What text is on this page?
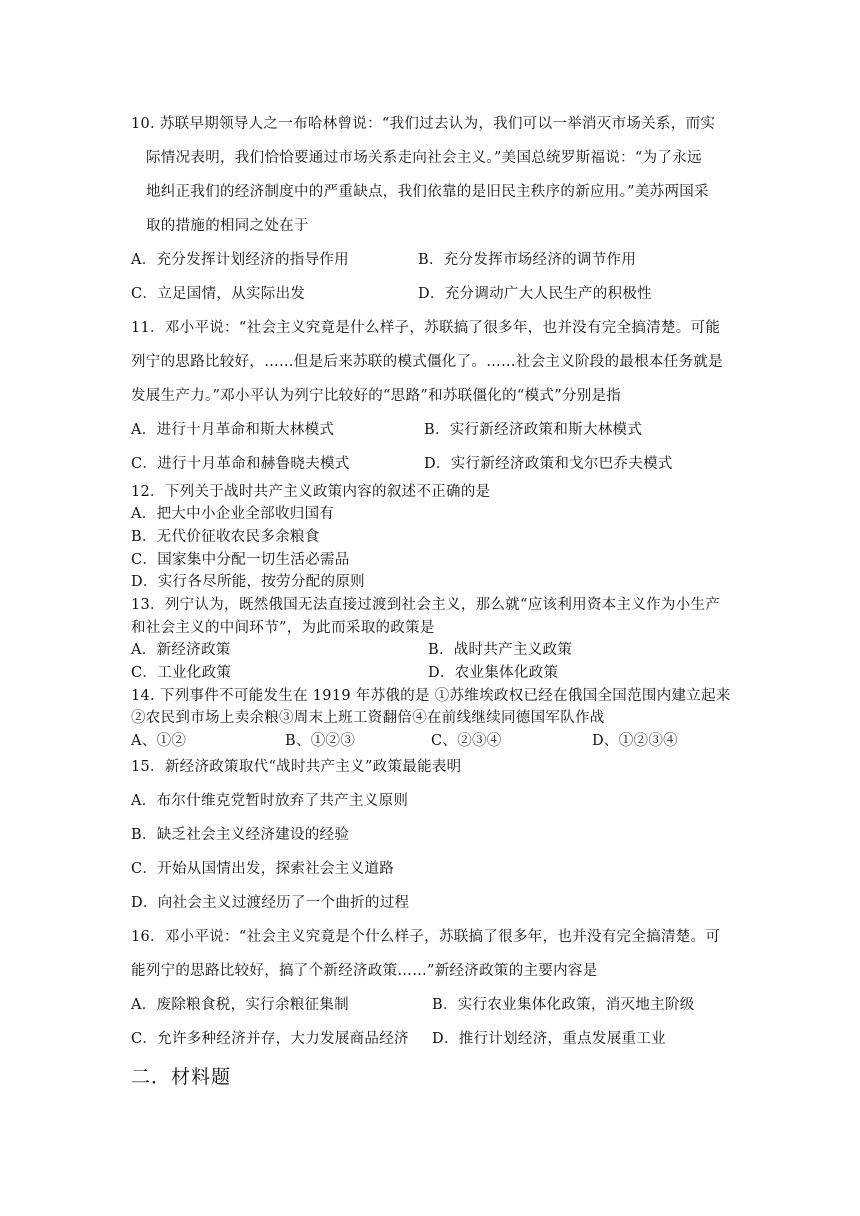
10. 苏联早期领导人之一布哈林曾说：“我们过去认为，我们可以一举消灭市场关系，而实
际情况表明，我们恰恰要通过市场关系走向社会主义。”美国总统罗斯福说：“为了永远
地纠正我们的经济制度中的严重缺点，我们依靠的是旧民主秩序的新应用。”美苏两国采
取的措施的相同之处在于
A．充分发挥计划经济的指导作用	B．充分发挥市场经济的调节作用
C．立足国情，从实际出发	D．充分调动广大人民生产的积极性
11．邓小平说：“社会主义究竟是什么样子，苏联搞了很多年，也并没有完全搞清楚。可能
列宁的思路比较好，……但是后来苏联的模式僵化了。……社会主义阶段的最根本任务就是
发展生产力。”邓小平认为列宁比较好的“思路”和苏联僵化的“模式”分别是指
A．进行十月革命和斯大林模式	B．实行新经济政策和斯大林模式
C．进行十月革命和赫鲁晓夫模式	D．实行新经济政策和戈尔巴乔夫模式
12．下列关于战时共产主义政策内容的叙述不正确的是
A．把大中小企业全部收归国有
B．无代价征收农民多余粮食
C．国家集中分配一切生活必需品
D．实行各尽所能，按劳分配的原则
13．列宁认为，既然俄国无法直接过渡到社会主义，那么就“应该利用资本主义作为小生产
和社会主义的中间环节”，为此而采取的政策是
A．新经济政策	B．战时共产主义政策
C．工业化政策	D．农业集体化政策
14. 下列事件不可能发生在 1919 年苏俄的是 ①苏维埃政权已经在俄国全国范围内建立起来
②农民到市场上卖余粮③周末上班工资翻倍④在前线继续同德国军队作战
A、①②	B、①②③	C、②③④	D、①②③④
15．新经济政策取代“战时共产主义”政策最能表明
A．布尔什维克党暂时放弃了共产主义原则
B．缺乏社会主义经济建设的经验
C．开始从国情出发，探索社会主义道路
D．向社会主义过渡经历了一个曲折的过程
16．邓小平说：“社会主义究竟是个什么样子，苏联搞了很多年，也并没有完全搞清楚。可
能列宁的思路比较好，搞了个新经济政策……”新经济政策的主要内容是
A．废除粮食税，实行余粮征集制	B．实行农业集体化政策，消灭地主阶级
C．允许多种经济并存，大力发展商品经济 D．推行计划经济，重点发展重工业
二．材料题
